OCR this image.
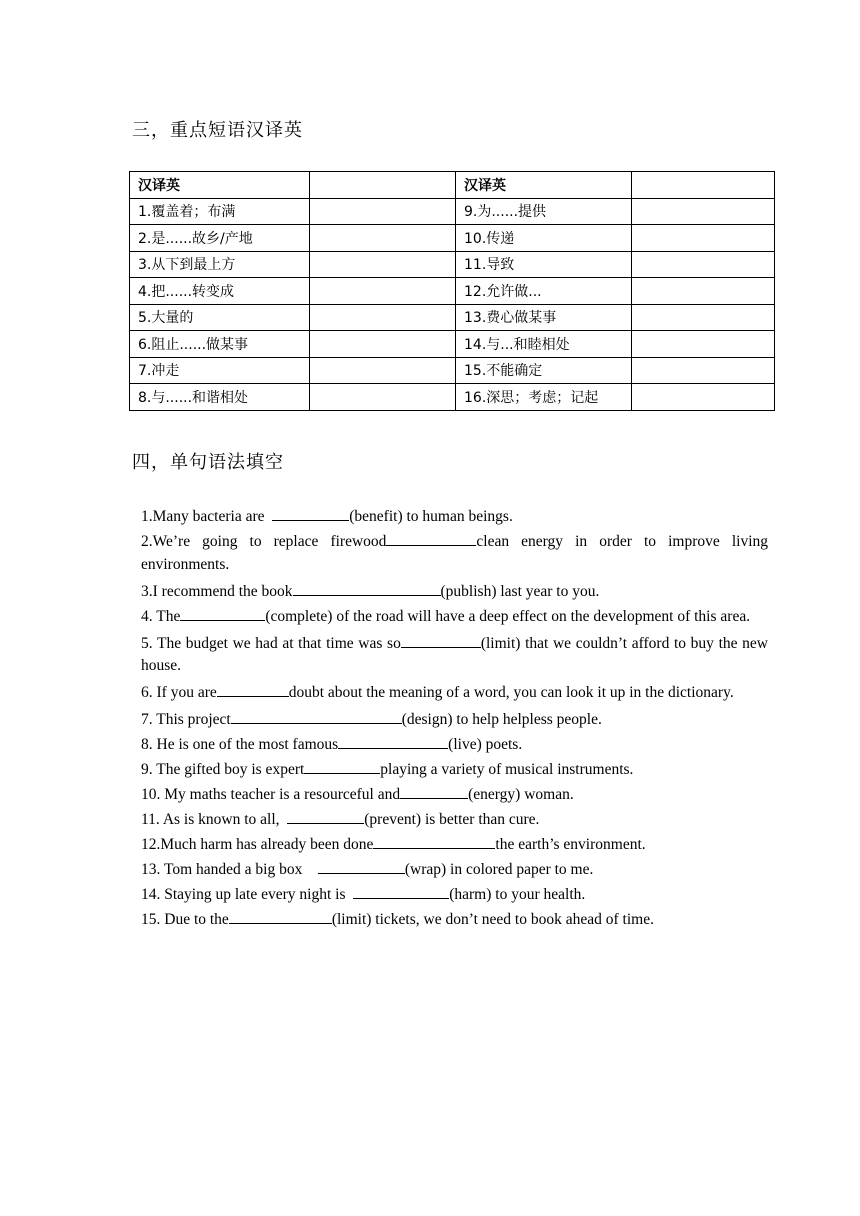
三，重点短语汉译英
汉译英		汉译英	
1.覆盖着；布满		9.为......提供	
2.是......故乡/产地		10.传递	
3.从下到最上方		11.导致	
4.把......转变成		12.允许做...	
5.大量的		13.费心做某事	
6.阻止......做某事		14.与...和睦相处	
7.冲走		15.不能确定	
8.与......和谐相处		16.深思；考虑；记起	
四，单句语法填空
1.Many bacteria are	(benefit) to human beings.
2.We’re going to replace firewood	clean energy in order to improve living environments.
3.I recommend the book	(publish) last year to you.
4. The	(complete) of the road will have a deep effect on the development of this area.
5. The budget we had at that time was so	(limit) that we couldn’t afford to buy the new house.
6. If you are	doubt about the meaning of a word, you can look it up in the dictionary.
7. This project	(design) to help helpless people.
8. He is one of the most famous	(live) poets.
9. The gifted boy is expert	playing a variety of musical instruments.
10. My maths teacher is a resourceful and	(energy) woman.
11. As is known to all,	(prevent) is better than cure.
12.Much harm has already been done	the earth’s environment.
13. Tom handed a big box	(wrap) in colored paper to me.
14. Staying up late every night is	(harm) to your health.
15. Due to the	(limit) tickets, we don’t need to book ahead of time.
